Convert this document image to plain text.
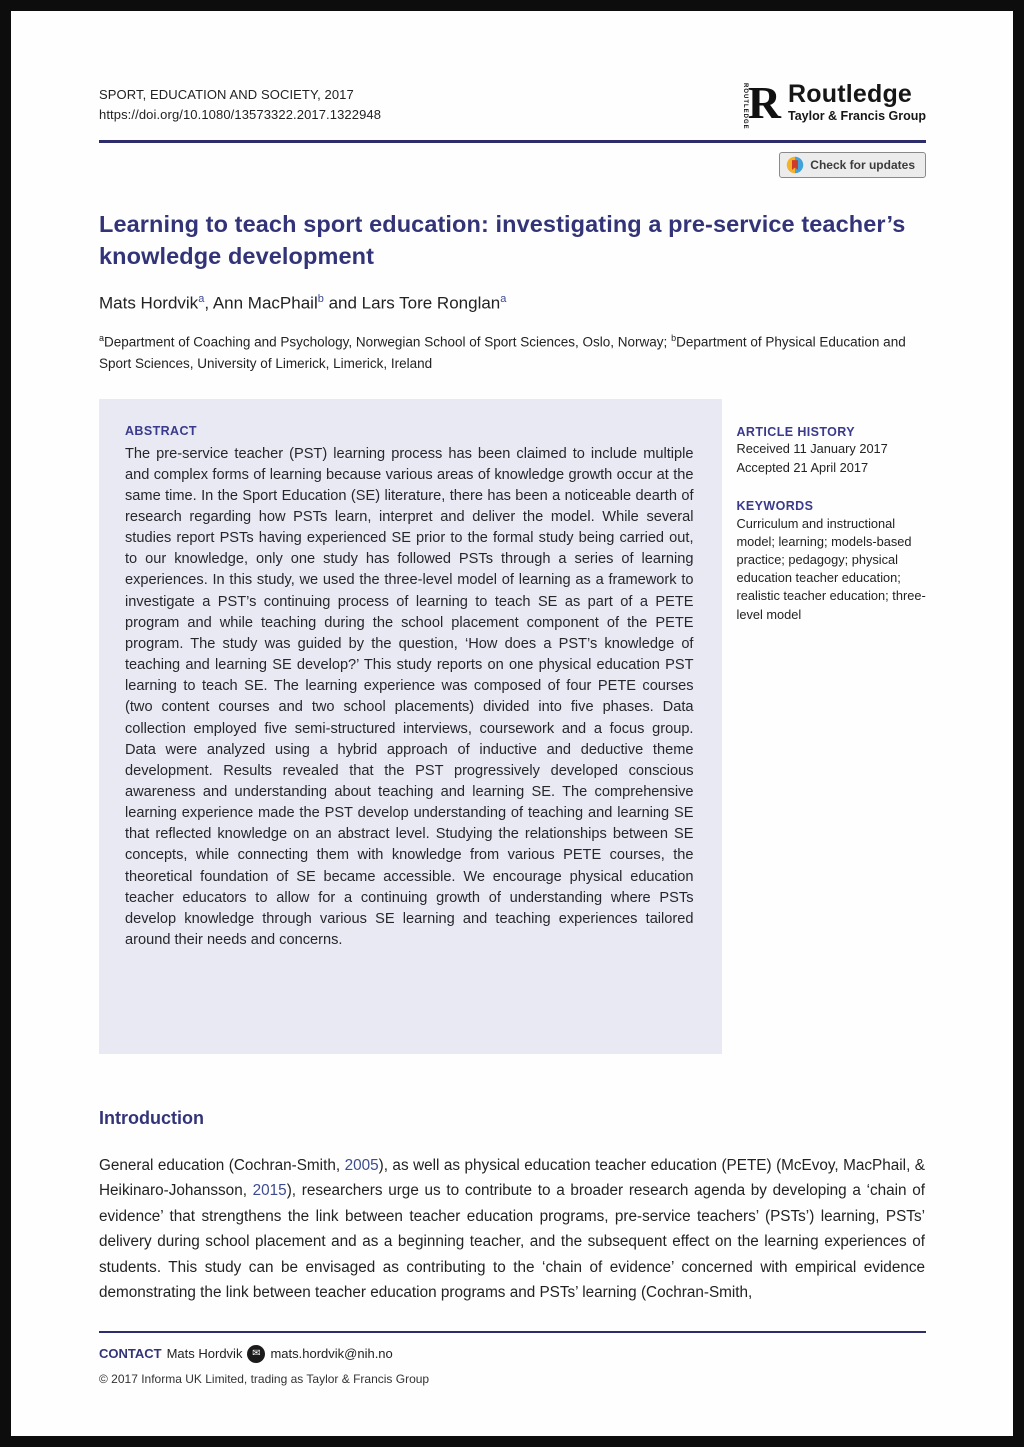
SPORT, EDUCATION AND SOCIETY, 2017
https://doi.org/10.1080/13573322.2017.1322948	ROUTLEDGE R Routledge
Taylor & Francis Group
Check for updates
Learning to teach sport education: investigating a pre-service teacher’s knowledge development
Mats Hordvik$^a$, Ann MacPhail$^b$ and Lars Tore Ronglan$^a$
$^a$Department of Coaching and Psychology, Norwegian School of Sport Sciences, Oslo, Norway; $^b$Department of Physical Education and Sport Sciences, University of Limerick, Limerick, Ireland
ABSTRACT
The pre-service teacher (PST) learning process has been claimed to include multiple and complex forms of learning because various areas of knowledge growth occur at the same time. In the Sport Education (SE) literature, there has been a noticeable dearth of research regarding how PSTs learn, interpret and deliver the model. While several studies report PSTs having experienced SE prior to the formal study being carried out, to our knowledge, only one study has followed PSTs through a series of learning experiences. In this study, we used the three-level model of learning as a framework to investigate a PST’s continuing process of learning to teach SE as part of a PETE program and while teaching during the school placement component of the PETE program. The study was guided by the question, ‘How does a PST’s knowledge of teaching and learning SE develop?’ This study reports on one physical education PST learning to teach SE. The learning experience was composed of four PETE courses (two content courses and two school placements) divided into five phases. Data collection employed five semi-structured interviews, coursework and a focus group. Data were analyzed using a hybrid approach of inductive and deductive theme development. Results revealed that the PST progressively developed conscious awareness and understanding about teaching and learning SE. The comprehensive learning experience made the PST develop understanding of teaching and learning SE that reflected knowledge on an abstract level. Studying the relationships between SE concepts, while connecting them with knowledge from various PETE courses, the theoretical foundation of SE became accessible. We encourage physical education teacher educators to allow for a continuing growth of understanding where PSTs develop knowledge through various SE learning and teaching experiences tailored around their needs and concerns.
ARTICLE HISTORY
Received 11 January 2017
Accepted 21 April 2017
KEYWORDS
Curriculum and instructional model; learning; models-based practice; pedagogy; physical education teacher education; realistic teacher education; three-level model
Introduction

General education (Cochran-Smith, 2005), as well as physical education teacher education (PETE) (McEvoy, MacPhail, & Heikinaro-Johansson, 2015), researchers urge us to contribute to a broader research agenda by developing a ‘chain of evidence’ that strengthens the link between teacher education programs, pre-service teachers’ (PSTs’) learning, PSTs’ delivery during school placement and as a beginning teacher, and the subsequent effect on the learning experiences of students. This study can be envisaged as contributing to the ‘chain of evidence’ concerned with empirical evidence demonstrating the link between teacher education programs and PSTs’ learning (Cochran-Smith,

CONTACT Mats Hordvik ✉ mats.hordvik@nih.no
© 2017 Informa UK Limited, trading as Taylor & Francis Group
